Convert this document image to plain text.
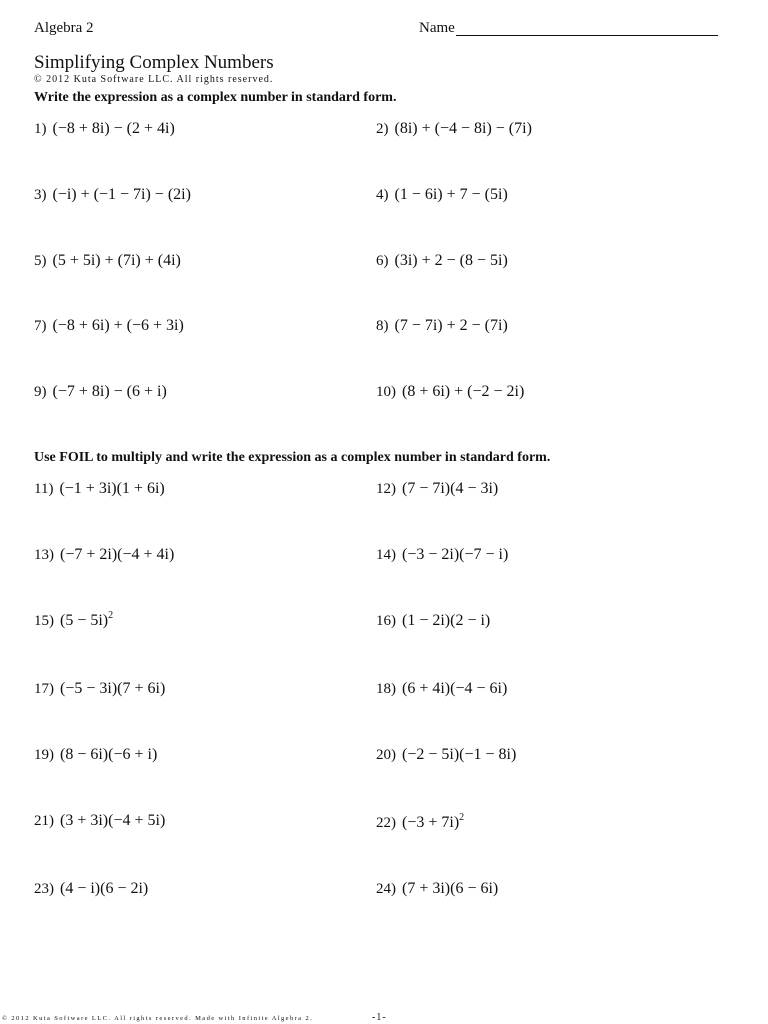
Algebra 2	Name
Simplifying Complex Numbers
© 2012 Kuta Software LLC. All rights reserved.
Write the expression as a complex number in standard form.
1) (−8 + 8i) − (2 + 4i)	2) (8i) + (−4 − 8i) − (7i)
3) (−i) + (−1 − 7i) − (2i)	4) (1 − 6i) + 7 − (5i)
5) (5 + 5i) + (7i) + (4i)	6) (3i) + 2 − (8 − 5i)
7) (−8 + 6i) + (−6 + 3i)	8) (7 − 7i) + 2 − (7i)
9) (−7 + 8i) − (6 + i)	10) (8 + 6i) + (−2 − 2i)
Use FOIL to multiply and write the expression as a complex number in standard form.
11) (−1 + 3i)(1 + 6i)	12) (7 − 7i)(4 − 3i)
13) (−7 + 2i)(−4 + 4i)	14) (−3 − 2i)(−7 − i)
15) $(5 - 5i)^2$	16) (1 − 2i)(2 − i)
17) (−5 − 3i)(7 + 6i)	18) (6 + 4i)(−4 − 6i)
19) (8 − 6i)(−6 + i)	20) (−2 − 5i)(−1 − 8i)
21) (3 + 3i)(−4 + 5i)	22) $(-3 + 7i)^2$
23) (4 − i)(6 − 2i)	24) (7 + 3i)(6 − 6i)
© 2012 Kuta Software LLC. All rights reserved. Made with Infinite Algebra 2.	-1-
